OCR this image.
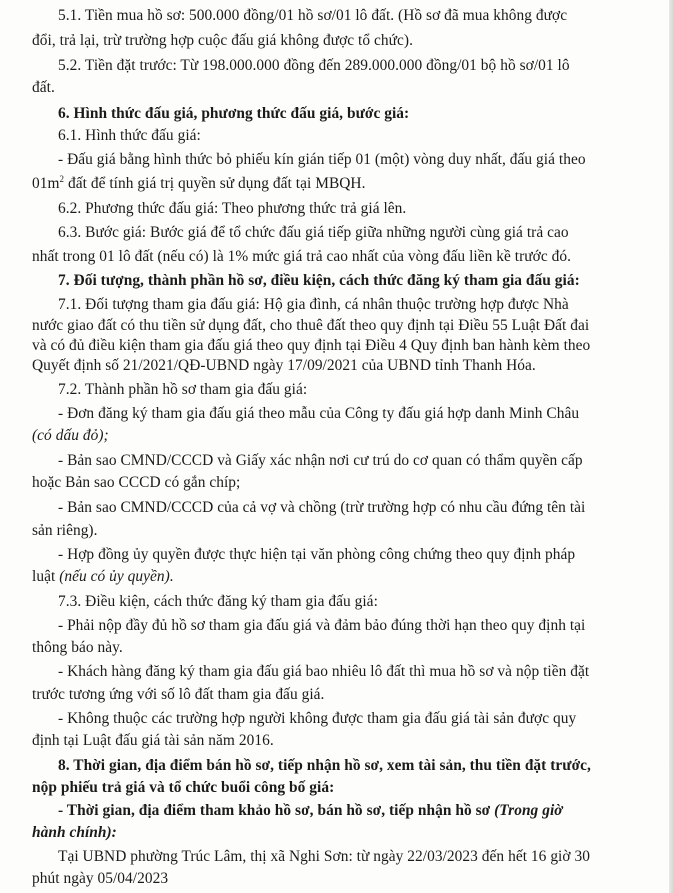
5.1. Tiền mua hồ sơ: 500.000 đồng/01 hồ sơ/01 lô đất. (Hồ sơ đã mua không được
đổi, trả lại, trừ trường hợp cuộc đấu giá không được tổ chức).
5.2. Tiền đặt trước: Từ 198.000.000 đồng đến 289.000.000 đồng/01 bộ hồ sơ/01 lô
đất.
6. Hình thức đấu giá, phương thức đấu giá, bước giá:
6.1. Hình thức đấu giá:
- Đấu giá bằng hình thức bỏ phiếu kín gián tiếp 01 (một) vòng duy nhất, đấu giá theo
$01m^2$ đất để tính giá trị quyền sử dụng đất tại MBQH.
6.2. Phương thức đấu giá: Theo phương thức trả giá lên.
6.3. Bước giá: Bước giá để tổ chức đấu giá tiếp giữa những người cùng giá trả cao
nhất trong 01 lô đất (nếu có) là 1% mức giá trả cao nhất của vòng đấu liền kề trước đó.
7. Đối tượng, thành phần hồ sơ, điều kiện, cách thức đăng ký tham gia đấu giá:
7.1. Đối tượng tham gia đấu giá: Hộ gia đình, cá nhân thuộc trường hợp được Nhà
nước giao đất có thu tiền sử dụng đất, cho thuê đất theo quy định tại Điều 55 Luật Đất đai
và có đủ điều kiện tham gia đấu giá theo quy định tại Điều 4 Quy định ban hành kèm theo
Quyết định số 21/2021/QĐ-UBND ngày 17/09/2021 của UBND tỉnh Thanh Hóa.
7.2. Thành phần hồ sơ tham gia đấu giá:
- Đơn đăng ký tham gia đấu giá theo mẫu của Công ty đấu giá hợp danh Minh Châu
(có dấu đỏ);
- Bản sao CMND/CCCD và Giấy xác nhận nơi cư trú do cơ quan có thẩm quyền cấp
hoặc Bản sao CCCD có gắn chíp;
- Bản sao CMND/CCCD của cả vợ và chồng (trừ trường hợp có nhu cầu đứng tên tài
sản riêng).
- Hợp đồng ủy quyền được thực hiện tại văn phòng công chứng theo quy định pháp
luật (nếu có ủy quyền).
7.3. Điều kiện, cách thức đăng ký tham gia đấu giá:
- Phải nộp đầy đủ hồ sơ tham gia đấu giá và đảm bảo đúng thời hạn theo quy định tại
thông báo này.
- Khách hàng đăng ký tham gia đấu giá bao nhiêu lô đất thì mua hồ sơ và nộp tiền đặt
trước tương ứng với số lô đất tham gia đấu giá.
- Không thuộc các trường hợp người không được tham gia đấu giá tài sản được quy
định tại Luật đấu giá tài sản năm 2016.
8. Thời gian, địa điểm bán hồ sơ, tiếp nhận hồ sơ, xem tài sản, thu tiền đặt trước,
nộp phiếu trả giá và tổ chức buổi công bố giá:
- Thời gian, địa điểm tham khảo hồ sơ, bán hồ sơ, tiếp nhận hồ sơ (Trong giờ
hành chính):
Tại UBND phường Trúc Lâm, thị xã Nghi Sơn: từ ngày 22/03/2023 đến hết 16 giờ 30
phút ngày 05/04/2023
